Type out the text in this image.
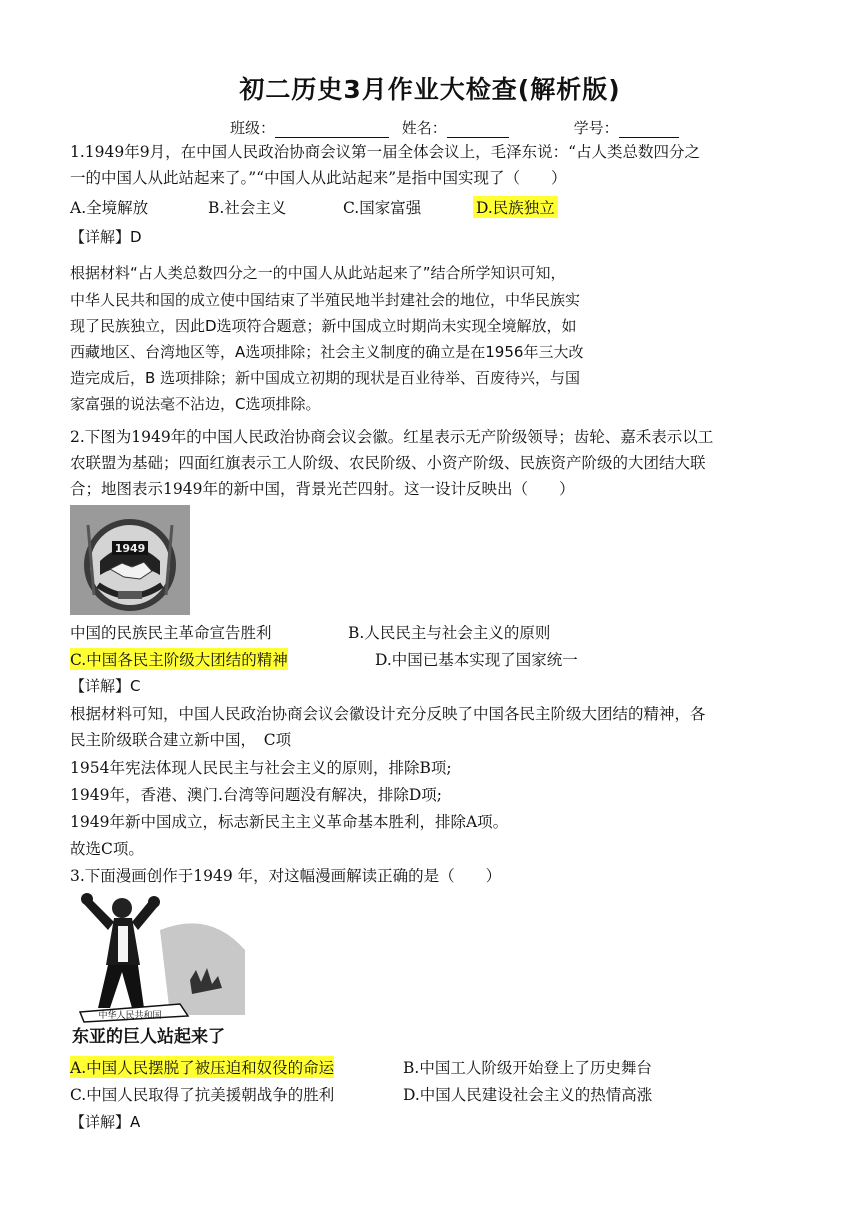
初二历史3月作业大检查(解析版)
班级：	姓名：	学号：
1.1949年9月，在中国人民政治协商会议第一届全体会议上，毛泽东说：“占人类总数四分之
一的中国人从此站起来了。”“中国人从此站起来”是指中国实现了（　　）
A.全境解放	B.社会主义	C.国家富强	D.民族独立
【详解】D
根据材料“占人类总数四分之一的中国人从此站起来了”结合所学知识可知，
中华人民共和国的成立使中国结束了半殖民地半封建社会的地位，中华民族实
现了民族独立，因此D选项符合题意；新中国成立时期尚未实现全境解放，如
西藏地区、台湾地区等，A选项排除；社会主义制度的确立是在1956年三大改
造完成后，B 选项排除；新中国成立初期的现状是百业待举、百废待兴，与国
家富强的说法毫不沾边，C选项排除。
2.下图为1949年的中国人民政治协商会议会徽。红星表示无产阶级领导；齿轮、嘉禾表示以工
农联盟为基础；四面红旗表示工人阶级、农民阶级、小资产阶级、民族资产阶级的大团结大联
合；地图表示1949年的新中国，背景光芒四射。这一设计反映出（　　）
1949
中国的民族民主革命宣告胜利	B.人民民主与社会主义的原则
C.中国各民主阶级大团结的精神	D.中国已基本实现了国家统一
【详解】C
根据材料可知，中国人民政治协商会议会徽设计充分反映了中国各民主阶级大团结的精神，各
民主阶级联合建立新中国，　C项
1954年宪法体现人民民主与社会主义的原则，排除B项;
1949年，香港、澳门.台湾等问题没有解决，排除D项;
1949年新中国成立，标志新民主主义革命基本胜利，排除A项。
故选C项。
3.下面漫画创作于1949 年，对这幅漫画解读正确的是（　　）
中华人民共和国
东亚的巨人站起来了
A.中国人民摆脱了被压迫和奴役的命运	B.中国工人阶级开始登上了历史舞台
C.中国人民取得了抗美援朝战争的胜利	D.中国人民建设社会主义的热情高涨
【详解】A
